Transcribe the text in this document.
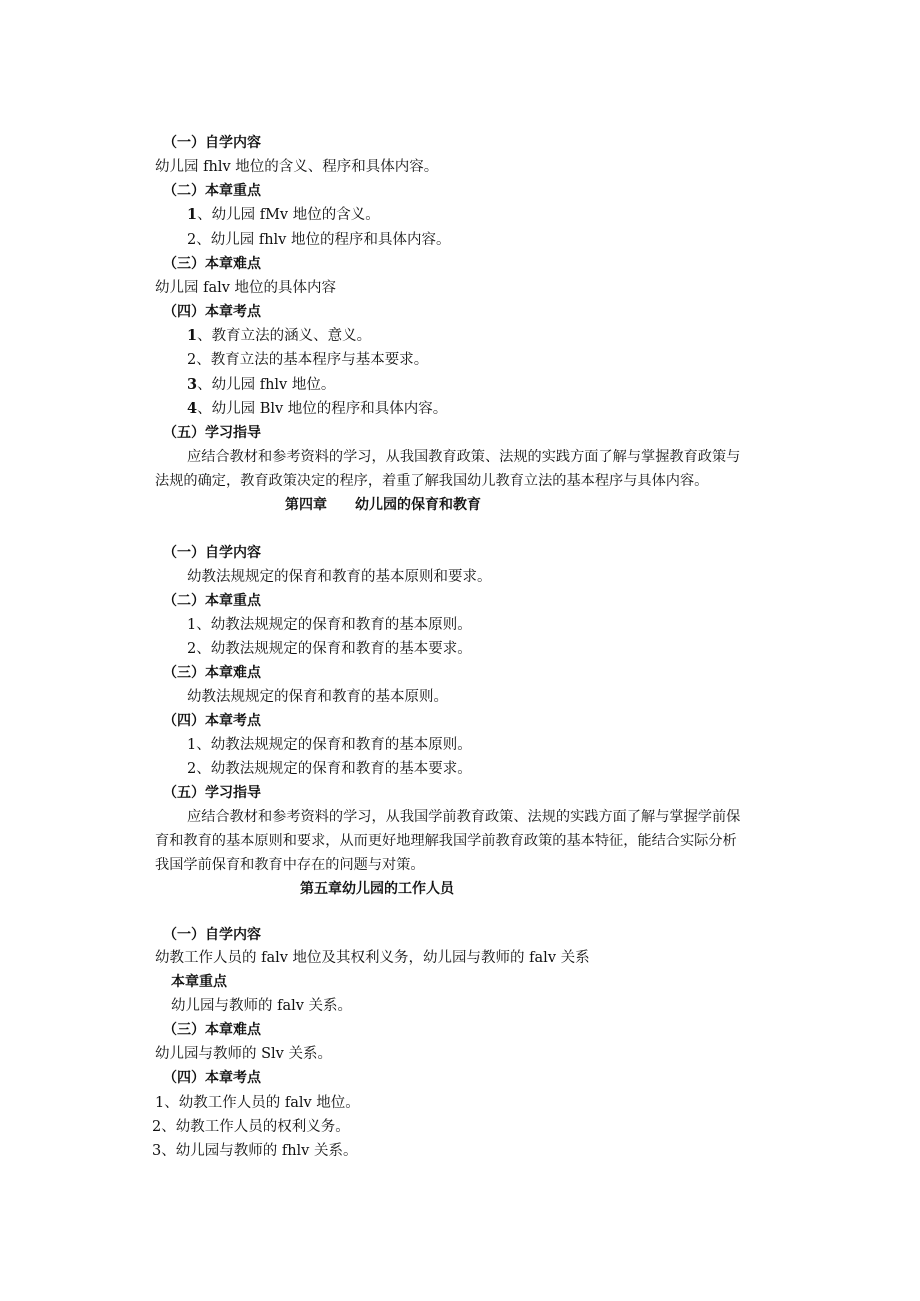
（一）自学内容

幼儿园 fhlv 地位的含义、程序和具体内容。

（二）本章重点

1、幼儿园 fMv 地位的含义。

2、幼儿园 fhlv 地位的程序和具体内容。

（三）本章难点

幼儿园 falv 地位的具体内容

（四）本章考点

1、教育立法的涵义、意义。

2、教育立法的基本程序与基本要求。

3、幼儿园 fhlv 地位。

4、幼儿园 Blv 地位的程序和具体内容。

（五）学习指导

应结合教材和参考资料的学习，从我国教育政策、法规的实践方面了解与掌握教育政策与

法规的确定，教育政策决定的程序，着重了解我国幼儿教育立法的基本程序与具体内容。

第四章　　幼儿园的保育和教育

（一）自学内容

幼教法规规定的保育和教育的基本原则和要求。

（二）本章重点

1、幼教法规规定的保育和教育的基本原则。

2、幼教法规规定的保育和教育的基本要求。

（三）本章难点

幼教法规规定的保育和教育的基本原则。

（四）本章考点

1、幼教法规规定的保育和教育的基本原则。

2、幼教法规规定的保育和教育的基本要求。

（五）学习指导

应结合教材和参考资料的学习，从我国学前教育政策、法规的实践方面了解与掌握学前保

育和教育的基本原则和要求，从而更好地理解我国学前教育政策的基本特征，能结合实际分析

我国学前保育和教育中存在的问题与对策。

第五章幼儿园的工作人员

（一）自学内容

幼教工作人员的 falv 地位及其权利义务，幼儿园与教师的 falv 关系

本章重点

幼儿园与教师的 falv 关系。

（三）本章难点

幼儿园与教师的 Slv 关系。

（四）本章考点

1、幼教工作人员的 falv 地位。

2、幼教工作人员的权利义务。

3、幼儿园与教师的 fhlv 关系。
